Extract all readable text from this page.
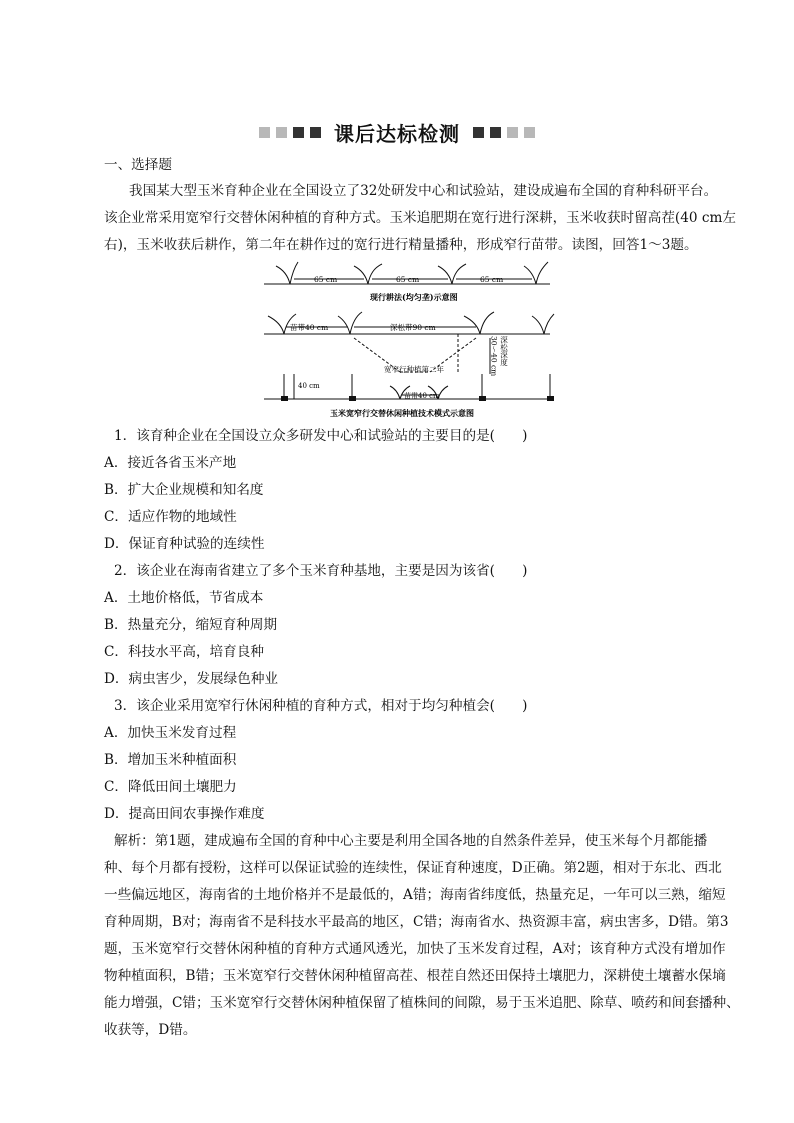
课后达标检测
一、选择题
我国某大型玉米育种企业在全国设立了32处研发中心和试验站，建设成遍布全国的育种科研平台。
该企业常采用宽窄行交替休闲种植的育种方式。玉米追肥期在宽行进行深耕，玉米收获时留高茬(40 cm左
右)，玉米收获后耕作，第二年在耕作过的宽行进行精量播种，形成窄行苗带。读图，回答1～3题。
65 cm	65 cm	65 cm
现行耕法(均匀垄)示意图
苗带40 cm	深松带90 cm
深松深度
30～40 cm
40 cm
宽窄行种植第二年
苗带40 cm
玉米宽窄行交替休闲种植技术模式示意图
1．该育种企业在全国设立众多研发中心和试验站的主要目的是(　　)
A．接近各省玉米产地
B．扩大企业规模和知名度
C．适应作物的地域性
D．保证育种试验的连续性
2．该企业在海南省建立了多个玉米育种基地，主要是因为该省(　　)
A．土地价格低，节省成本
B．热量充分，缩短育种周期
C．科技水平高，培育良种
D．病虫害少，发展绿色种业
3．该企业采用宽窄行休闲种植的育种方式，相对于均匀种植会(　　)
A．加快玉米发育过程
B．增加玉米种植面积
C．降低田间土壤肥力
D．提高田间农事操作难度
解析：第1题，建成遍布全国的育种中心主要是利用全国各地的自然条件差异，使玉米每个月都能播
种、每个月都有授粉，这样可以保证试验的连续性，保证育种速度，D正确。第2题，相对于东北、西北
一些偏远地区，海南省的土地价格并不是最低的，A错；海南省纬度低，热量充足，一年可以三熟，缩短
育种周期，B对；海南省不是科技水平最高的地区，C错；海南省水、热资源丰富，病虫害多，D错。第3
题，玉米宽窄行交替休闲种植的育种方式通风透光，加快了玉米发育过程，A对；该育种方式没有增加作
物种植面积，B错；玉米宽窄行交替休闲种植留高茬、根茬自然还田保持土壤肥力，深耕使土壤蓄水保墒
能力增强，C错；玉米宽窄行交替休闲种植保留了植株间的间隙，易于玉米追肥、除草、喷药和间套播种、
收获等，D错。
